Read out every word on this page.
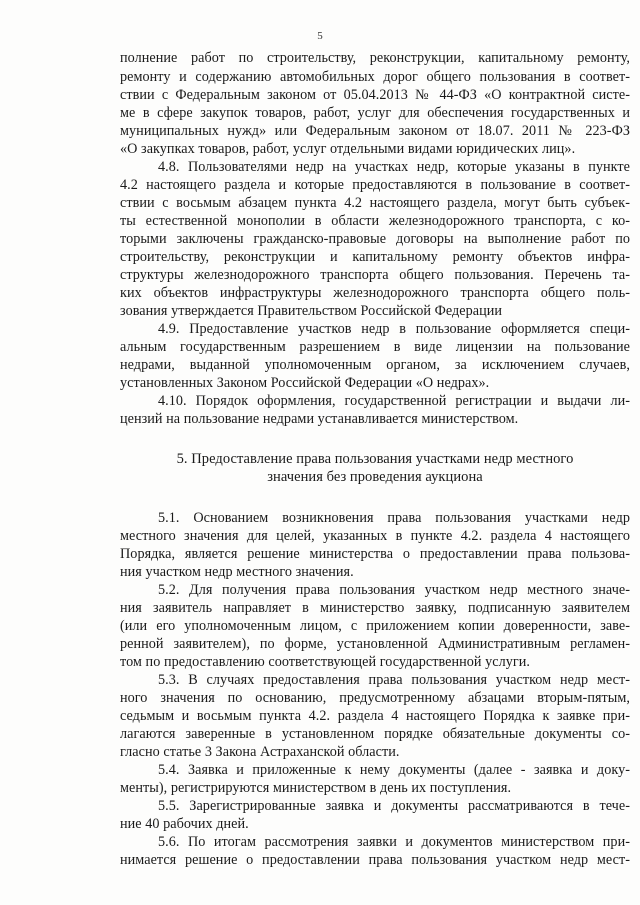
5
полнение работ по строительству, реконструкции, капитальному ремонту,
ремонту и содержанию автомобильных дорог общего пользования в соответ-
ствии с Федеральным законом от 05.04.2013 № 44-ФЗ «О контрактной систе-
ме в сфере закупок товаров, работ, услуг для обеспечения государственных и
муниципальных нужд» или Федеральным законом от 18.07. 2011 № 223-ФЗ
«О закупках товаров, работ, услуг отдельными видами юридических лиц».
4.8. Пользователями недр на участках недр, которые указаны в пункте
4.2 настоящего раздела и которые предоставляются в пользование в соответ-
ствии с восьмым абзацем пункта 4.2 настоящего раздела, могут быть субъек-
ты естественной монополии в области железнодорожного транспорта, с ко-
торыми заключены гражданско-правовые договоры на выполнение работ по
строительству, реконструкции и капитальному ремонту объектов инфра-
структуры железнодорожного транспорта общего пользования. Перечень та-
ких объектов инфраструктуры железнодорожного транспорта общего поль-
зования утверждается Правительством Российской Федерации
4.9. Предоставление участков недр в пользование оформляется специ-
альным государственным разрешением в виде лицензии на пользование
недрами, выданной уполномоченным органом, за исключением случаев,
установленных Законом Российской Федерации «О недрах».
4.10. Порядок оформления, государственной регистрации и выдачи ли-
цензий на пользование недрами устанавливается министерством.
5. Предоставление права пользования участками недр местного
значения без проведения аукциона
5.1. Основанием возникновения права пользования участками недр
местного значения для целей, указанных в пункте 4.2. раздела 4 настоящего
Порядка, является решение министерства о предоставлении права пользова-
ния участком недр местного значения.
5.2. Для получения права пользования участком недр местного значе-
ния заявитель направляет в министерство заявку, подписанную заявителем
(или его уполномоченным лицом, с приложением копии доверенности, заве-
ренной заявителем), по форме, установленной Административным регламен-
том по предоставлению соответствующей государственной услуги.
5.3. В случаях предоставления права пользования участком недр мест-
ного значения по основанию, предусмотренному абзацами вторым-пятым,
седьмым и восьмым пункта 4.2. раздела 4 настоящего Порядка к заявке при-
лагаются заверенные в установленном порядке обязательные документы со-
гласно статье 3 Закона Астраханской области.
5.4. Заявка и приложенные к нему документы (далее - заявка и доку-
менты), регистрируются министерством в день их поступления.
5.5. Зарегистрированные заявка и документы рассматриваются в тече-
ние 40 рабочих дней.
5.6. По итогам рассмотрения заявки и документов министерством при-
нимается решение о предоставлении права пользования участком недр мест-
